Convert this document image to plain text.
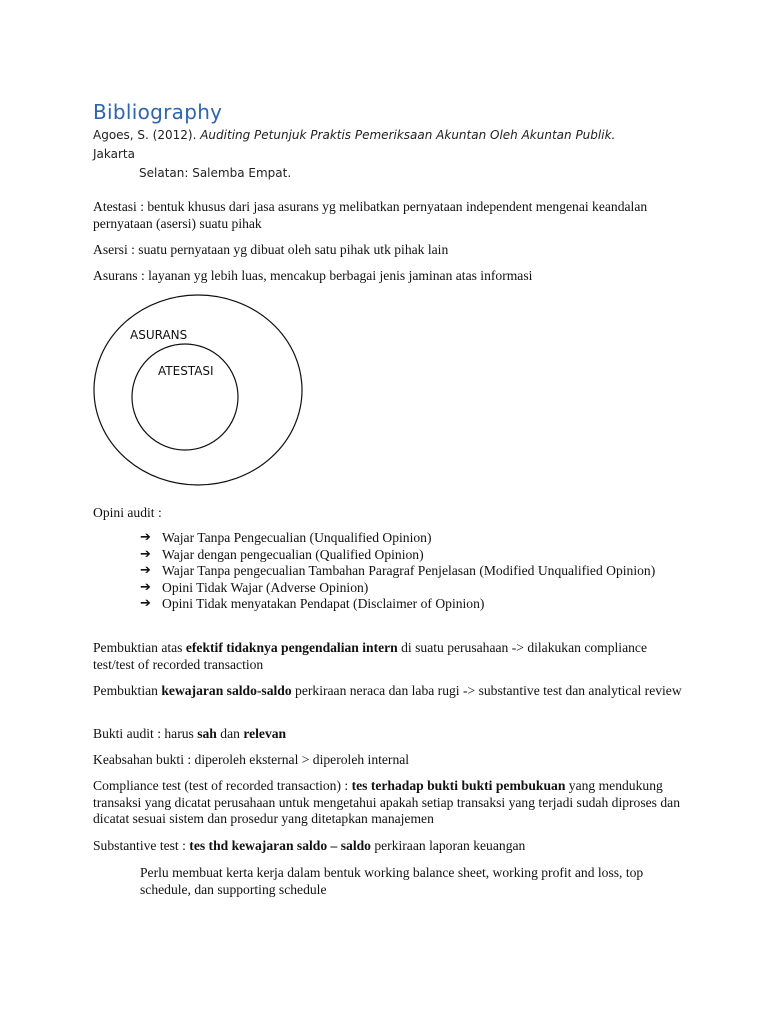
Bibliography
Agoes, S. (2012). Auditing Petunjuk Praktis Pemeriksaan Akuntan Oleh Akuntan Publik. Jakarta
Selatan: Salemba Empat.
Atestasi : bentuk khusus dari jasa asurans yg melibatkan pernyataan independent mengenai keandalan pernyataan (asersi) suatu pihak
Asersi : suatu pernyataan yg dibuat oleh satu pihak utk pihak lain
Asurans : layanan yg lebih luas, mencakup berbagai jenis jaminan atas informasi
ASURANS
ATESTASI
Opini audit :
➔ Wajar Tanpa Pengecualian (Unqualified Opinion)
➔ Wajar dengan pengecualian (Qualified Opinion)
➔ Wajar Tanpa pengecualian Tambahan Paragraf Penjelasan (Modified Unqualified Opinion)
➔ Opini Tidak Wajar (Adverse Opinion)
➔ Opini Tidak menyatakan Pendapat (Disclaimer of Opinion)
Pembuktian atas efektif tidaknya pengendalian intern di suatu perusahaan -> dilakukan compliance test/test of recorded transaction
Pembuktian kewajaran saldo-saldo perkiraan neraca dan laba rugi -> substantive test dan analytical review
Bukti audit : harus sah dan relevan
Keabsahan bukti : diperoleh eksternal > diperoleh internal
Compliance test (test of recorded transaction) : tes terhadap bukti bukti pembukuan yang mendukung transaksi yang dicatat perusahaan untuk mengetahui apakah setiap transaksi yang terjadi sudah diproses dan dicatat sesuai sistem dan prosedur yang ditetapkan manajemen
Substantive test : tes thd kewajaran saldo – saldo perkiraan laporan keuangan
Perlu membuat kerta kerja dalam bentuk working balance sheet, working profit and loss, top schedule, dan supporting schedule
